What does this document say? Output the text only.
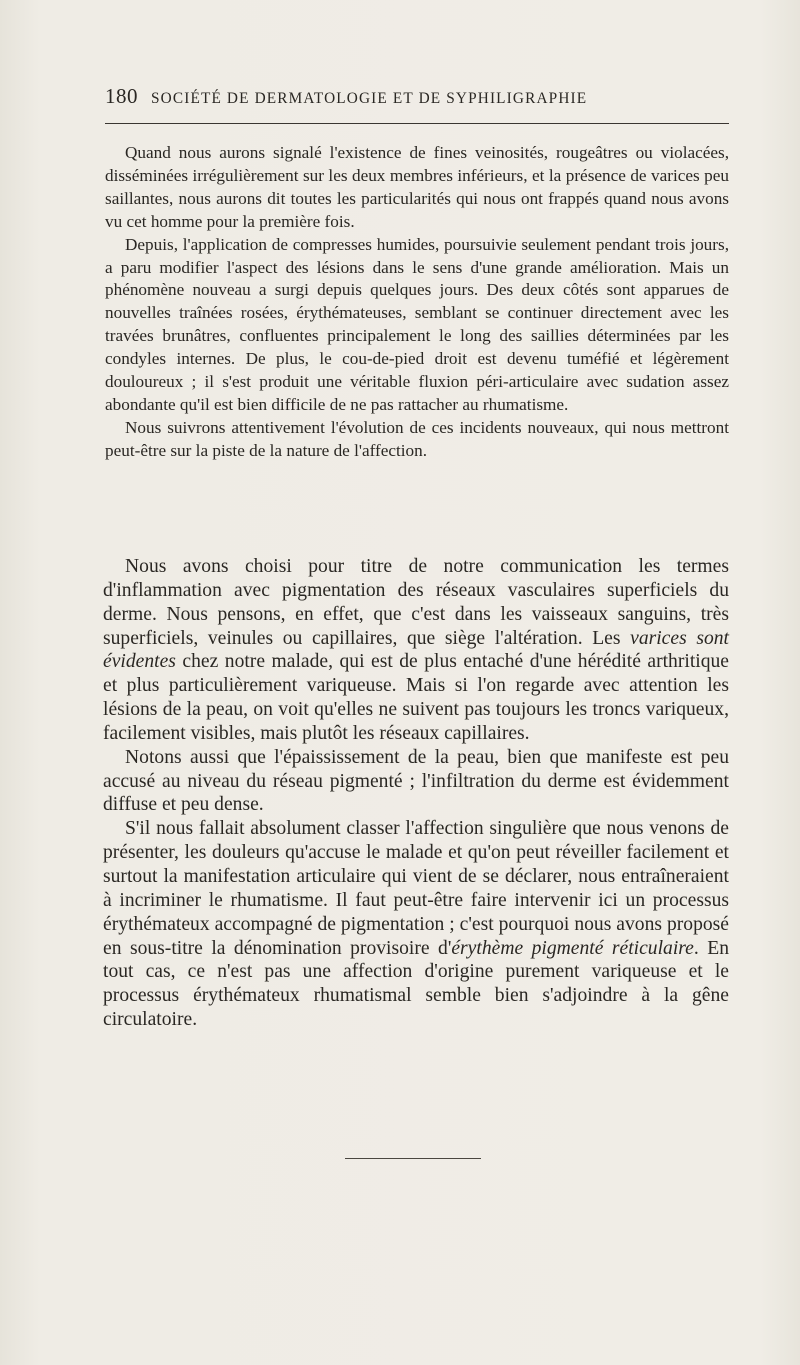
180 SOCIÉTÉ DE DERMATOLOGIE ET DE SYPHILIGRAPHIE

Quand nous aurons signalé l'existence de fines veinosités, rougeâtres ou violacées, disséminées irrégulièrement sur les deux membres inférieurs, et la présence de varices peu saillantes, nous aurons dit toutes les particularités qui nous ont frappés quand nous avons vu cet homme pour la première fois.

Depuis, l'application de compresses humides, poursuivie seulement pendant trois jours, a paru modifier l'aspect des lésions dans le sens d'une grande amélioration. Mais un phénomène nouveau a surgi depuis quelques jours. Des deux côtés sont apparues de nouvelles traînées rosées, érythémateuses, semblant se continuer directement avec les travées brunâtres, confluentes principalement le long des saillies déterminées par les condyles internes. De plus, le cou-de-pied droit est devenu tuméfié et légèrement douloureux ; il s'est produit une véritable fluxion péri-articulaire avec sudation assez abondante qu'il est bien difficile de ne pas rattacher au rhumatisme.

Nous suivrons attentivement l'évolution de ces incidents nouveaux, qui nous mettront peut-être sur la piste de la nature de l'affection.

Nous avons choisi pour titre de notre communication les termes d'inflammation avec pigmentation des réseaux vasculaires superficiels du derme. Nous pensons, en effet, que c'est dans les vaisseaux sanguins, très superficiels, veinules ou capillaires, que siège l'altération. Les varices sont évidentes chez notre malade, qui est de plus entaché d'une hérédité arthritique et plus particulièrement variqueuse. Mais si l'on regarde avec attention les lésions de la peau, on voit qu'elles ne suivent pas toujours les troncs variqueux, facilement visibles, mais plutôt les réseaux capillaires.

Notons aussi que l'épaississement de la peau, bien que manifeste est peu accusé au niveau du réseau pigmenté ; l'infiltration du derme est évidemment diffuse et peu dense.

S'il nous fallait absolument classer l'affection singulière que nous venons de présenter, les douleurs qu'accuse le malade et qu'on peut réveiller facilement et surtout la manifestation articulaire qui vient de se déclarer, nous entraîneraient à incriminer le rhumatisme. Il faut peut-être faire intervenir ici un processus érythémateux accompagné de pigmentation ; c'est pourquoi nous avons proposé en sous-titre la dénomination provisoire d'érythème pigmenté réticulaire. En tout cas, ce n'est pas une affection d'origine purement variqueuse et le processus érythémateux rhumatismal semble bien s'adjoindre à la gêne circulatoire.
